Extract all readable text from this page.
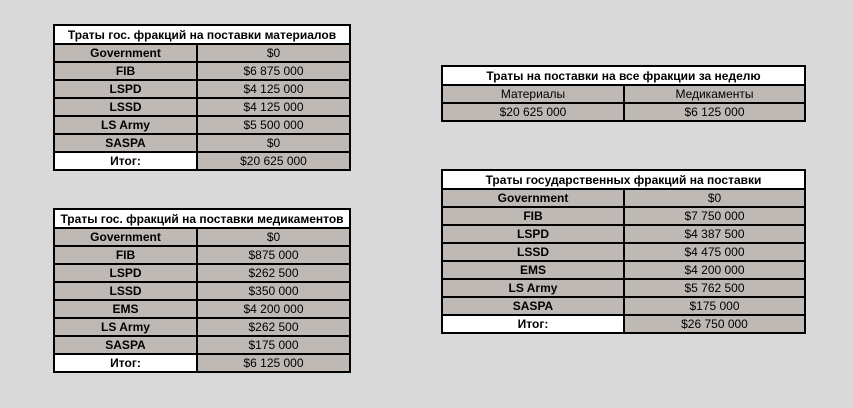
Траты гос. фракций на поставки материалов	
Government	$0
FIB	$6 875 000
LSPD	$4 125 000
LSSD	$4 125 000
LS Army	$5 500 000
SASPA	$0
Итог:	$20 625 000
Траты гос. фракций на поставки медикаментов	
Government	$0
FIB	$875 000
LSPD	$262 500
LSSD	$350 000
EMS	$4 200 000
LS Army	$262 500
SASPA	$175 000
Итог:	$6 125 000
Траты на поставки на все фракции за неделю	
Материалы	Медикаменты
$20 625 000	$6 125 000
Траты государственных фракций на поставки	
Government	$0
FIB	$7 750 000
LSPD	$4 387 500
LSSD	$4 475 000
EMS	$4 200 000
LS Army	$5 762 500
SASPA	$175 000
Итог:	$26 750 000
